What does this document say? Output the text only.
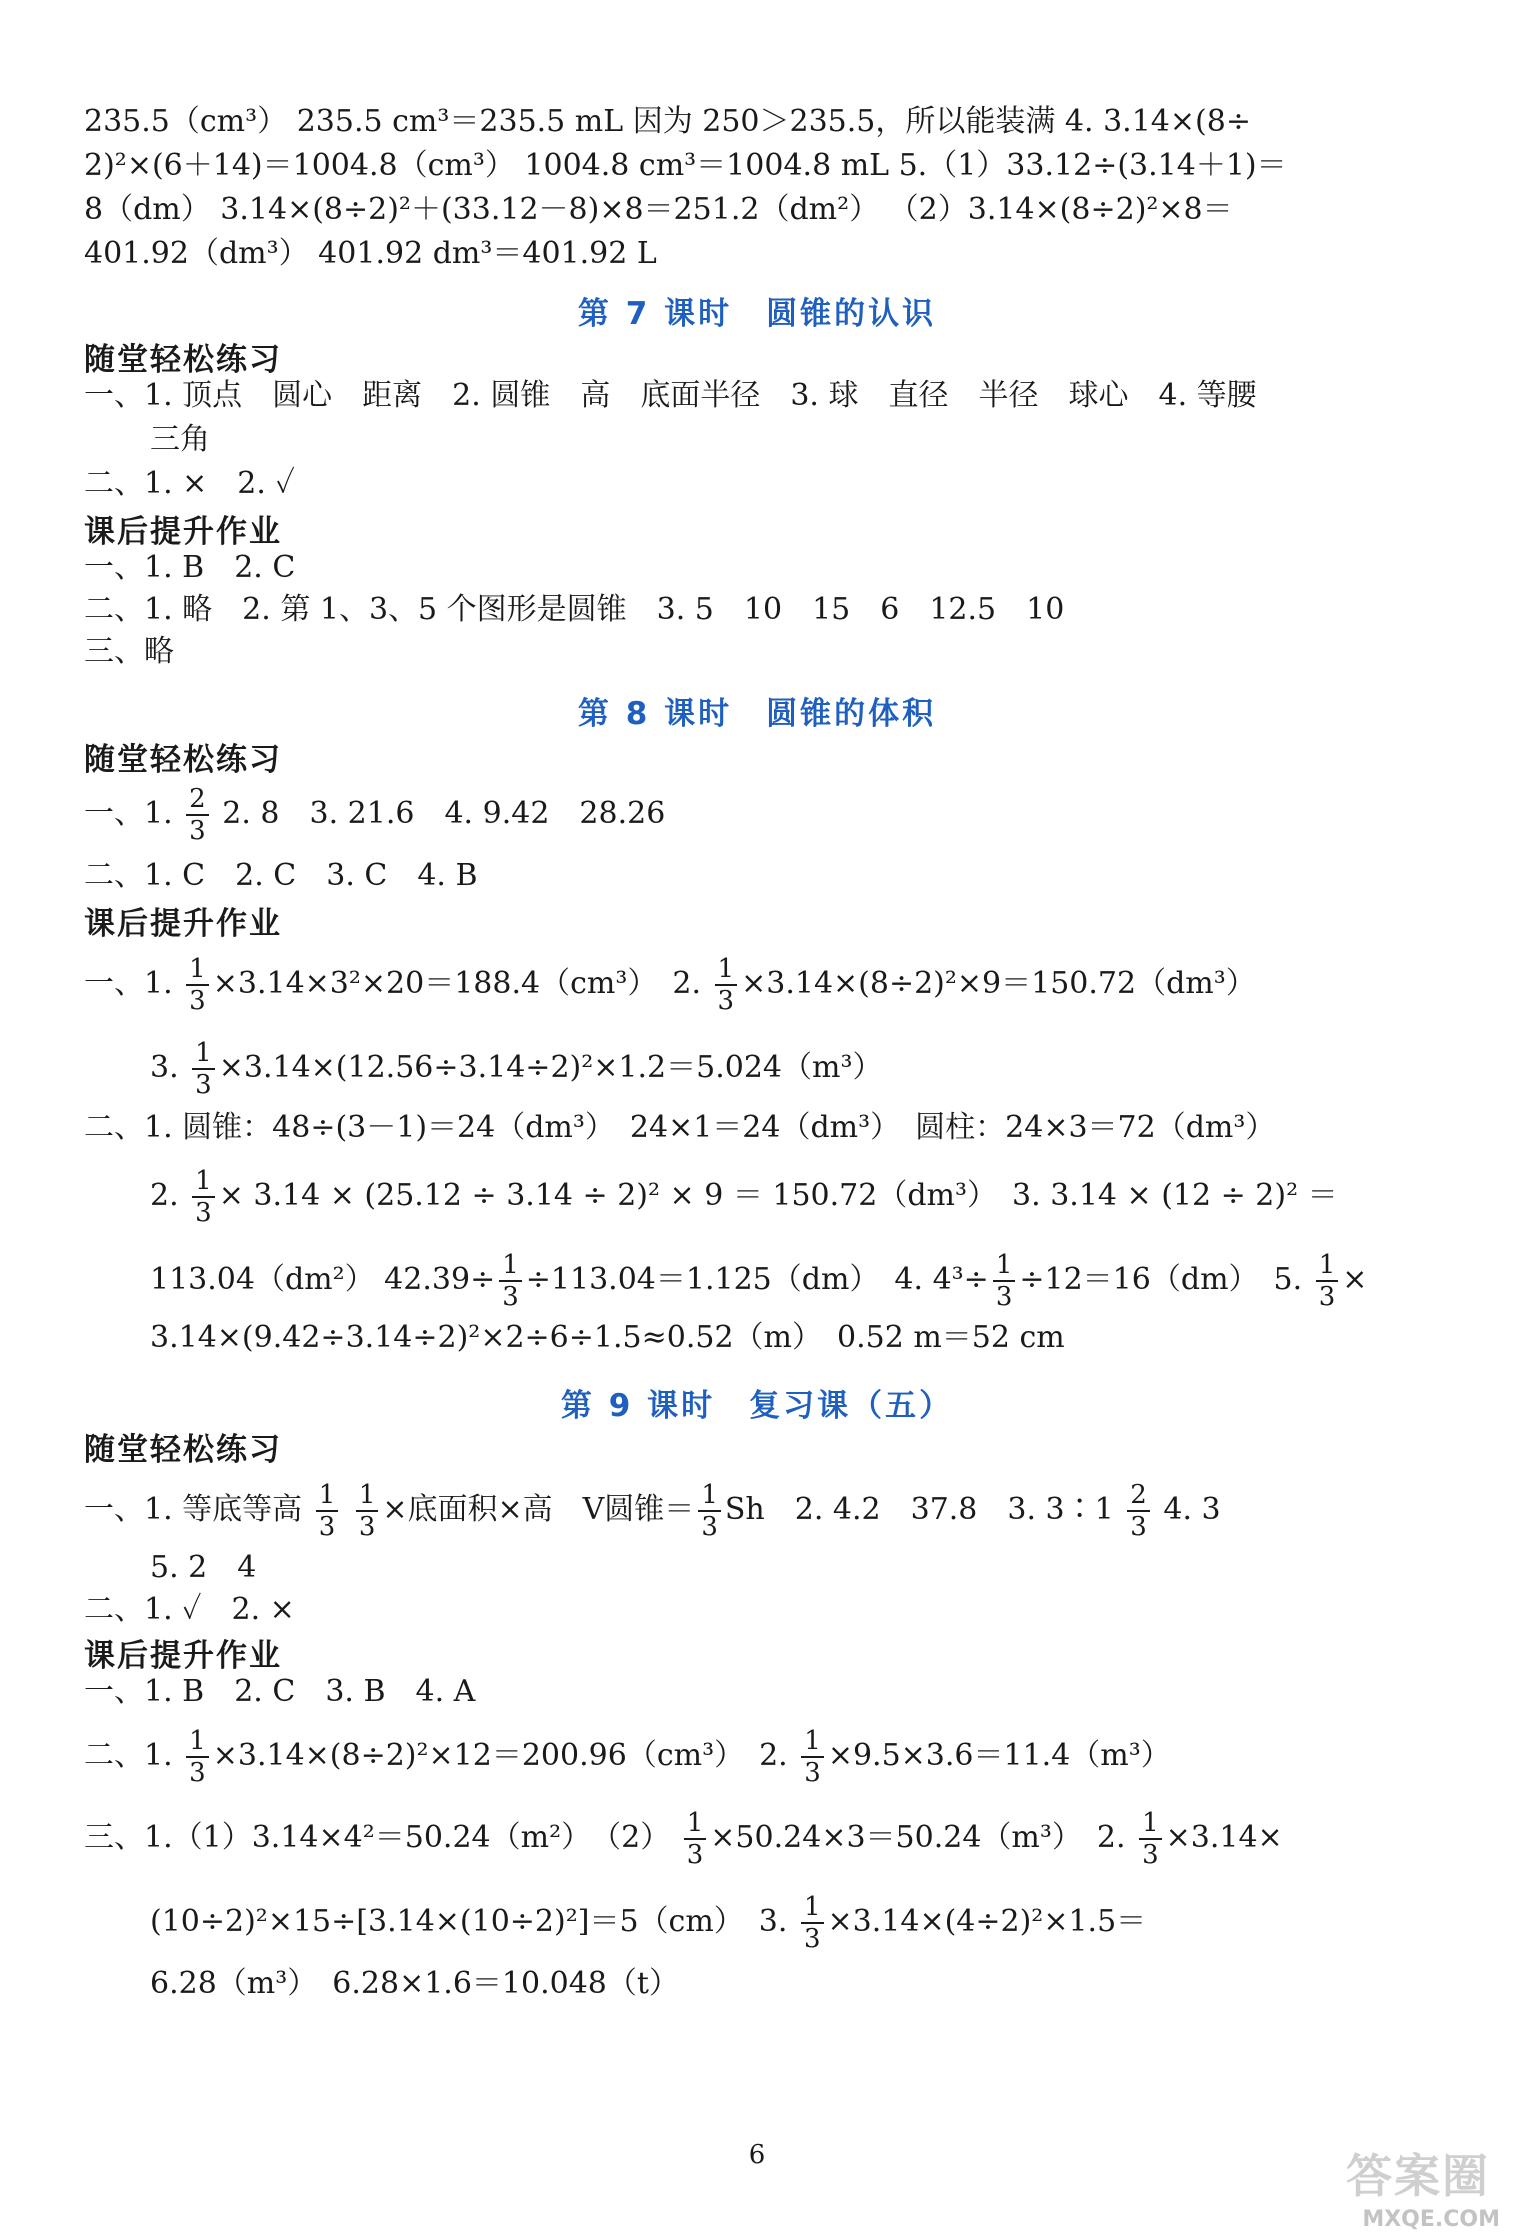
235.5（cm³） 235.5 cm³＝235.5 mL 因为 250＞235.5，所以能装满 4. 3.14×(8÷
2)²×(6＋14)＝1004.8（cm³） 1004.8 cm³＝1004.8 mL 5.（1）33.12÷(3.14＋1)＝
8（dm） 3.14×(8÷2)²＋(33.12－8)×8＝251.2（dm²） （2）3.14×(8÷2)²×8＝
401.92（dm³） 401.92 dm³＝401.92 L
第 7 课时　圆锥的认识
随堂轻松练习
一、1. 顶点　圆心　距离　2. 圆锥　高　底面半径　3. 球　直径　半径　球心　4. 等腰
三角
二、1. ×　2. ✓
课后提升作业
一、1. B　2. C
二、1. 略　2. 第 1、3、5 个图形是圆锥　3. 5　10　15　6　12.5　10
三、略
第 8 课时　圆锥的体积
随堂轻松练习
一、1. $\frac{2}{3} 2$. 8　3. 21.6　4. 9.42　28.26
二、1. C　2. C　3. C　4. B
课后提升作业
一、1. $\frac{1}{3} \times 3.14\times 3^2\times 20=188.4(cm^3)$　2. $\frac{1}{3} \times 3.14\times(8\div 2)^2\times 9=150.72(dm^3)$
3. $\frac{1}{3} \times 3.14\times(12.56\div 3.14\div 2)^2\times 1.2=5.024(m^3)$
二、1. 圆锥：48÷(3－1)＝24（dm³）　24×1＝24（dm³）　圆柱：24×3＝72（dm³）
2. $\frac{1}{3} \times 3.14 \times (25.12 \div 3.14 \div 2)^2 \times 9 = 150.72(dm^3)$　3. 3.14 × (12 ÷ 2)² ＝
113.04（dm²） $42.39\div \frac{1}{3} \div 113.04=1.125(dm)$　4. $4^3\div \frac{1}{3} \div 12=16(dm)$　5. $\frac{1}{3}$ ×
3.14×(9.42÷3.14÷2)²×2÷6÷1.5≈0.52（m）　0.52 m＝52 cm
第 9 课时　复习课（五）
随堂轻松练习
一、1. 等底等高 $\frac{1}{3}$
$\frac{1}{3}$ ×底面积×高　V圆锥＝ $\frac{1}{3}$ Sh　2. 4.2　37.8　3. 3∶1 $\frac{2}{3} 4$. 3
5. 2　4
二、1. ✓　2. ×
课后提升作业
一、1. B　2. C　3. B　4. A
二、1. $\frac{1}{3} \times 3.14\times(8\div 2)^2\times 12=200.96(cm^3)$　2. $\frac{1}{3} \times 9.5\times 3.6=11.4(m^3)$
三、1.（1）3.14×4²＝50.24（m²）　$(2) \frac{1}{3} \times 50.24\times 3=50.24(m^3)$　2. $\frac{1}{3} \times 3.14\times$
(10÷2)²×15÷[3.14×(10÷2)²]＝5（cm）　3. $\frac{1}{3} \times 3.14\times(4\div 2)^2\times 1.5=$
6.28（m³）　6.28×1.6＝10.048（t）
6	答案圈
MXQE.COM
